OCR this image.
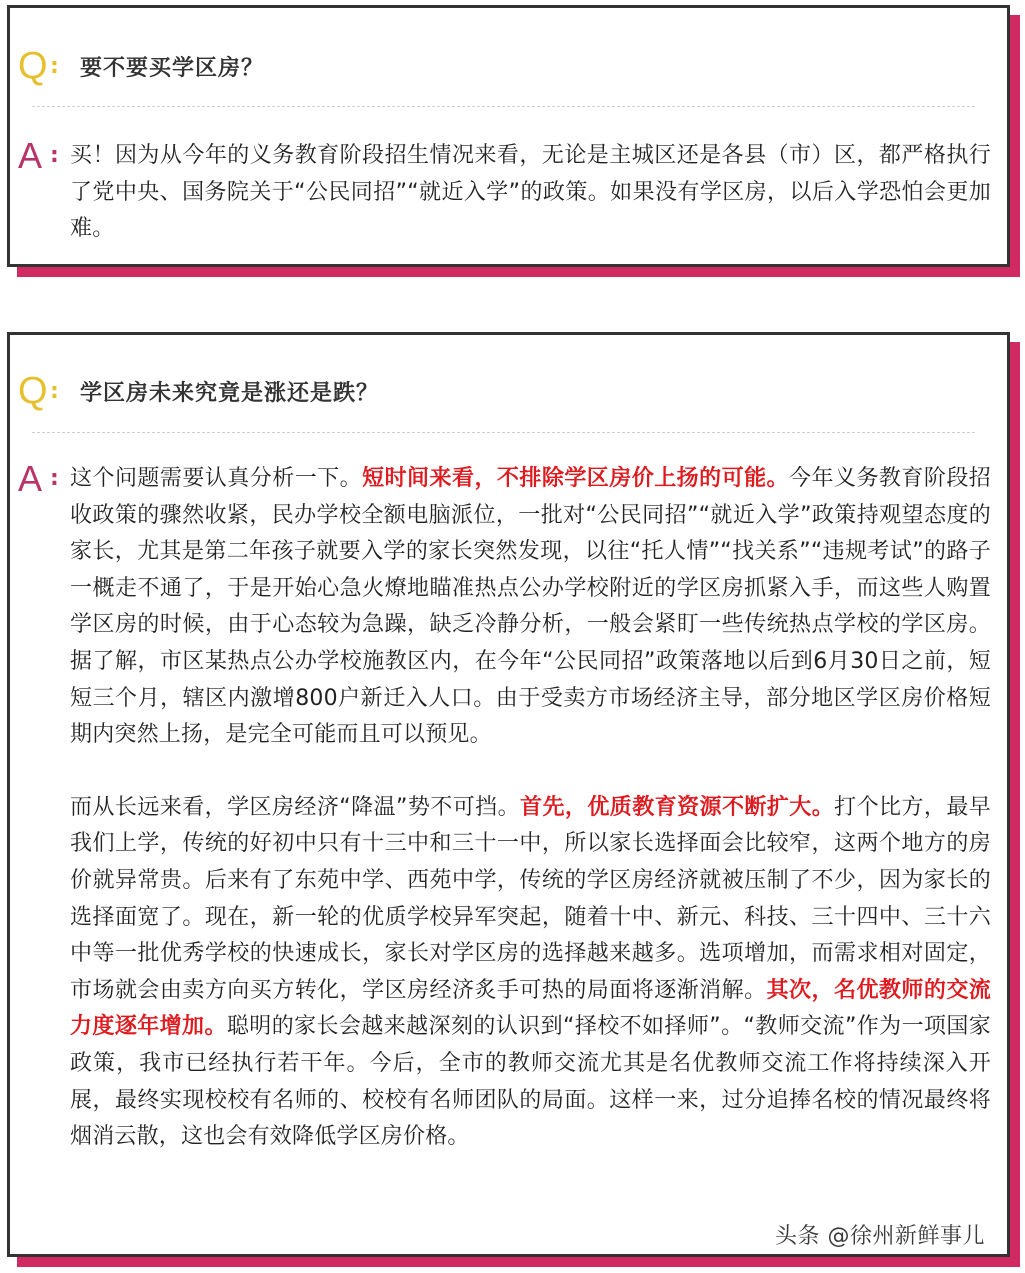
Q : 要不要买学区房？
A : 买！因为从今年的义务教育阶段招生情况来看，无论是主城区还是各县（市）区，都严格执行了党中央、国务院关于“公民同招”“就近入学”的政策。如果没有学区房，以后入学恐怕会更加难。

Q : 学区房未来究竟是涨还是跌？
A : 这个问题需要认真分析一下。短时间来看，不排除学区房价上扬的可能。今年义务教育阶段招收政策的骤然收紧，民办学校全额电脑派位，一批对“公民同招”“就近入学”政策持观望态度的家长，尤其是第二年孩子就要入学的家长突然发现，以往“托人情”“找关系”“违规考试”的路子一概走不通了，于是开始心急火燎地瞄准热点公办学校附近的学区房抓紧入手，而这些人购置学区房的时候，由于心态较为急躁，缺乏冷静分析，一般会紧盯一些传统热点学校的学区房。据了解，市区某热点公办学校施教区内，在今年“公民同招”政策落地以后到6月30日之前，短短三个月，辖区内激增800户新迁入人口。由于受卖方市场经济主导，部分地区学区房价格短期内突然上扬，是完全可能而且可以预见。

而从长远来看，学区房经济“降温”势不可挡。首先，优质教育资源不断扩大。打个比方，最早我们上学，传统的好初中只有十三中和三十一中，所以家长选择面会比较窄，这两个地方的房价就异常贵。后来有了东苑中学、西苑中学，传统的学区房经济就被压制了不少，因为家长的选择面宽了。现在，新一轮的优质学校异军突起，随着十中、新元、科技、三十四中、三十六中等一批优秀学校的快速成长，家长对学区房的选择越来越多。选项增加，而需求相对固定，市场就会由卖方向买方转化，学区房经济炙手可热的局面将逐渐消解。其次，名优教师的交流力度逐年增加。聪明的家长会越来越深刻的认识到“择校不如择师”。“教师交流”作为一项国家政策，我市已经执行若干年。今后，全市的教师交流尤其是名优教师交流工作将持续深入开展，最终实现校校有名师的、校校有名师团队的局面。这样一来，过分追捧名校的情况最终将烟消云散，这也会有效降低学区房价格。

头条 @徐州新鲜事儿
